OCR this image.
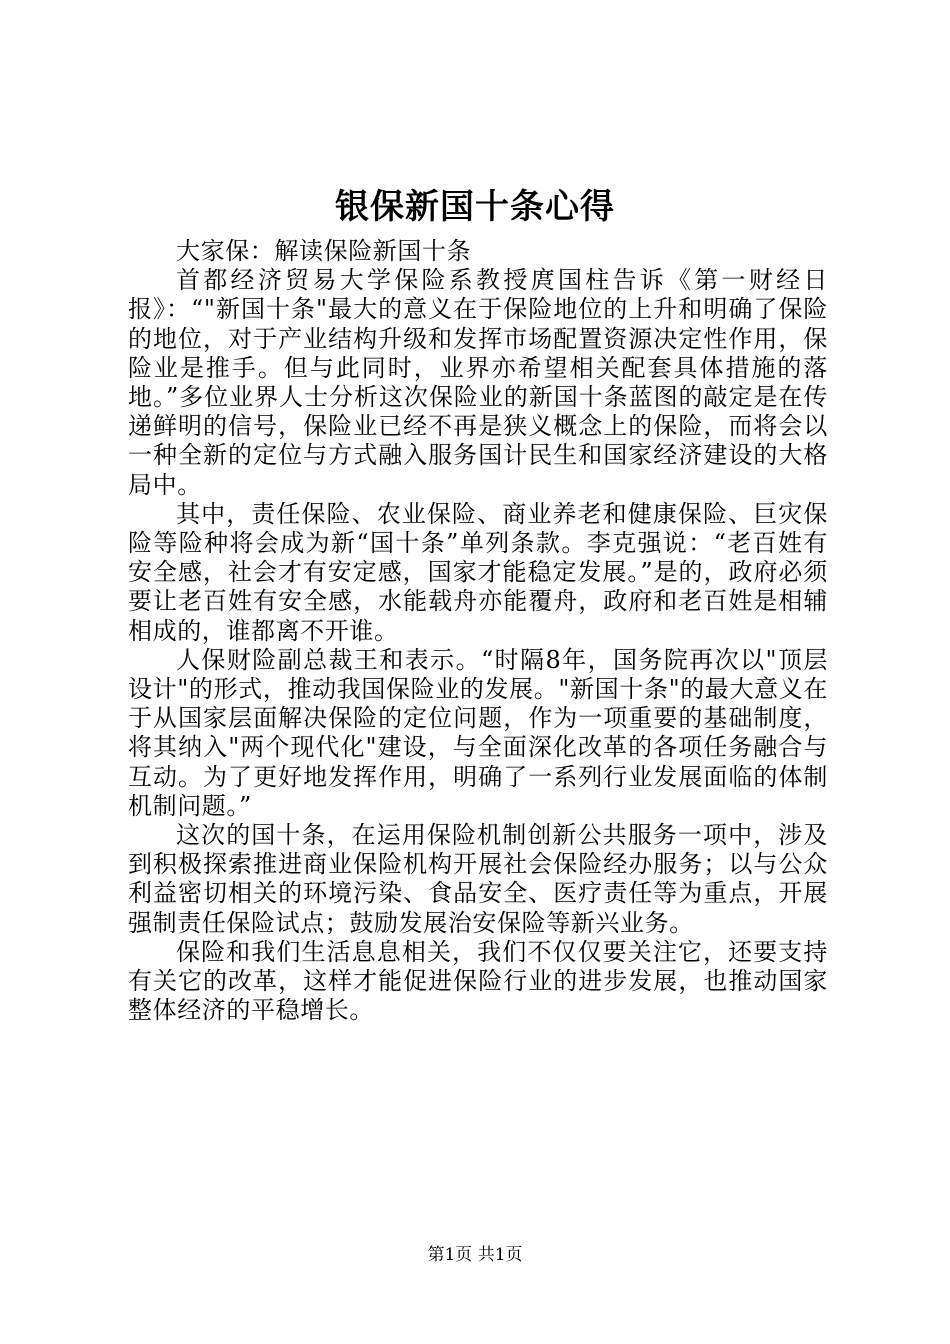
银保新国十条心得

大家保：解读保险新国十条

首都经济贸易大学保险系教授庹国柱告诉《第一财经日报》：“"新国十条"最大的意义在于保险地位的上升和明确了保险的地位，对于产业结构升级和发挥市场配置资源决定性作用，保险业是推手。但与此同时，业界亦希望相关配套具体措施的落地。”多位业界人士分析这次保险业的新国十条蓝图的敲定是在传递鲜明的信号，保险业已经不再是狭义概念上的保险，而将会以一种全新的定位与方式融入服务国计民生和国家经济建设的大格局中。

其中，责任保险、农业保险、商业养老和健康保险、巨灾保险等险种将会成为新“国十条”单列条款。李克强说：“老百姓有安全感，社会才有安定感，国家才能稳定发展。”是的，政府必须要让老百姓有安全感，水能载舟亦能覆舟，政府和老百姓是相辅相成的，谁都离不开谁。

人保财险副总裁王和表示。“时隔8年，国务院再次以"顶层设计"的形式，推动我国保险业的发展。"新国十条"的最大意义在于从国家层面解决保险的定位问题，作为一项重要的基础制度，将其纳入"两个现代化"建设，与全面深化改革的各项任务融合与互动。为了更好地发挥作用，明确了一系列行业发展面临的体制机制问题。”

这次的国十条，在运用保险机制创新公共服务一项中，涉及到积极探索推进商业保险机构开展社会保险经办服务；以与公众利益密切相关的环境污染、食品安全、医疗责任等为重点，开展强制责任保险试点；鼓励发展治安保险等新兴业务。

保险和我们生活息息相关，我们不仅仅要关注它，还要支持有关它的改革，这样才能促进保险行业的进步发展，也推动国家整体经济的平稳增长。

第1页 共1页
